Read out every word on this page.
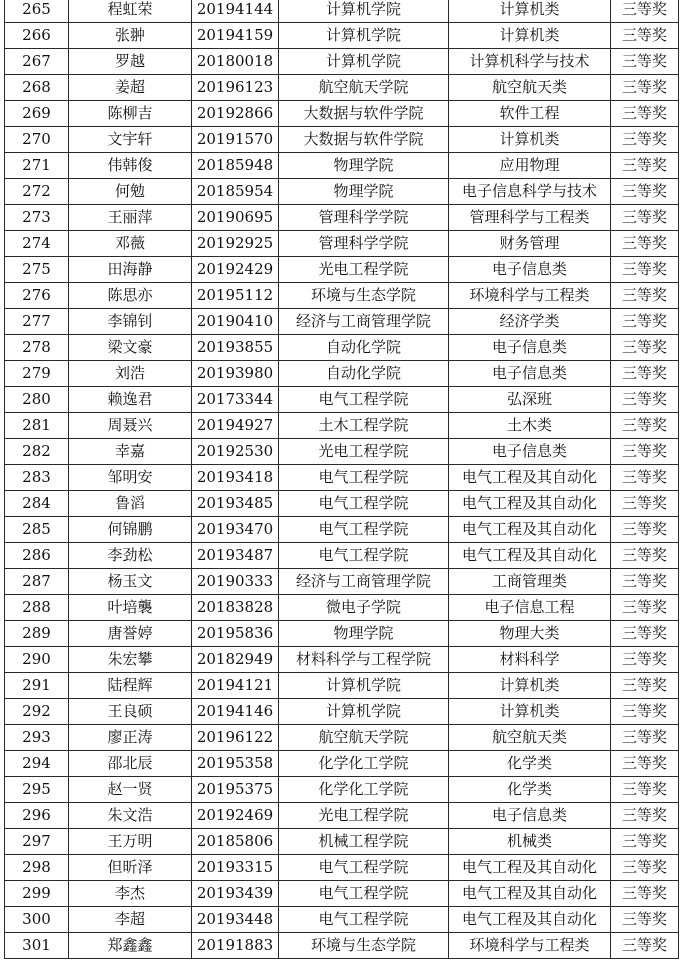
265	程虹荣	20194144	计算机学院	计算机类	三等奖
266	张翀	20194159	计算机学院	计算机类	三等奖
267	罗越	20180018	计算机学院	计算机科学与技术	三等奖
268	姜超	20196123	航空航天学院	航空航天类	三等奖
269	陈柳吉	20192866	大数据与软件学院	软件工程	三等奖
270	文宇轩	20191570	大数据与软件学院	计算机类	三等奖
271	伟韩俊	20185948	物理学院	应用物理	三等奖
272	何勉	20185954	物理学院	电子信息科学与技术	三等奖
273	王丽萍	20190695	管理科学学院	管理科学与工程类	三等奖
274	邓薇	20192925	管理科学学院	财务管理	三等奖
275	田海静	20192429	光电工程学院	电子信息类	三等奖
276	陈思亦	20195112	环境与生态学院	环境科学与工程类	三等奖
277	李锦钊	20190410	经济与工商管理学院	经济学类	三等奖
278	梁文豪	20193855	自动化学院	电子信息类	三等奖
279	刘浩	20193980	自动化学院	电子信息类	三等奖
280	赖逸君	20173344	电气工程学院	弘深班	三等奖
281	周聂兴	20194927	土木工程学院	土木类	三等奖
282	幸嘉	20192530	光电工程学院	电子信息类	三等奖
283	邹明安	20193418	电气工程学院	电气工程及其自动化	三等奖
284	鲁滔	20193485	电气工程学院	电气工程及其自动化	三等奖
285	何锦鹏	20193470	电气工程学院	电气工程及其自动化	三等奖
286	李劲松	20193487	电气工程学院	电气工程及其自动化	三等奖
287	杨玉文	20190333	经济与工商管理学院	工商管理类	三等奖
288	叶培襲	20183828	微电子学院	电子信息工程	三等奖
289	唐誉婷	20195836	物理学院	物理大类	三等奖
290	朱宏攀	20182949	材料科学与工程学院	材料科学	三等奖
291	陆程辉	20194121	计算机学院	计算机类	三等奖
292	王良硕	20194146	计算机学院	计算机类	三等奖
293	廖正涛	20196122	航空航天学院	航空航天类	三等奖
294	邵北辰	20195358	化学化工学院	化学类	三等奖
295	赵一贤	20195375	化学化工学院	化学类	三等奖
296	朱文浩	20192469	光电工程学院	电子信息类	三等奖
297	王万明	20185806	机械工程学院	机械类	三等奖
298	但昕泽	20193315	电气工程学院	电气工程及其自动化	三等奖
299	李杰	20193439	电气工程学院	电气工程及其自动化	三等奖
300	李超	20193448	电气工程学院	电气工程及其自动化	三等奖
301	郑鑫鑫	20191883	环境与生态学院	环境科学与工程类	三等奖
